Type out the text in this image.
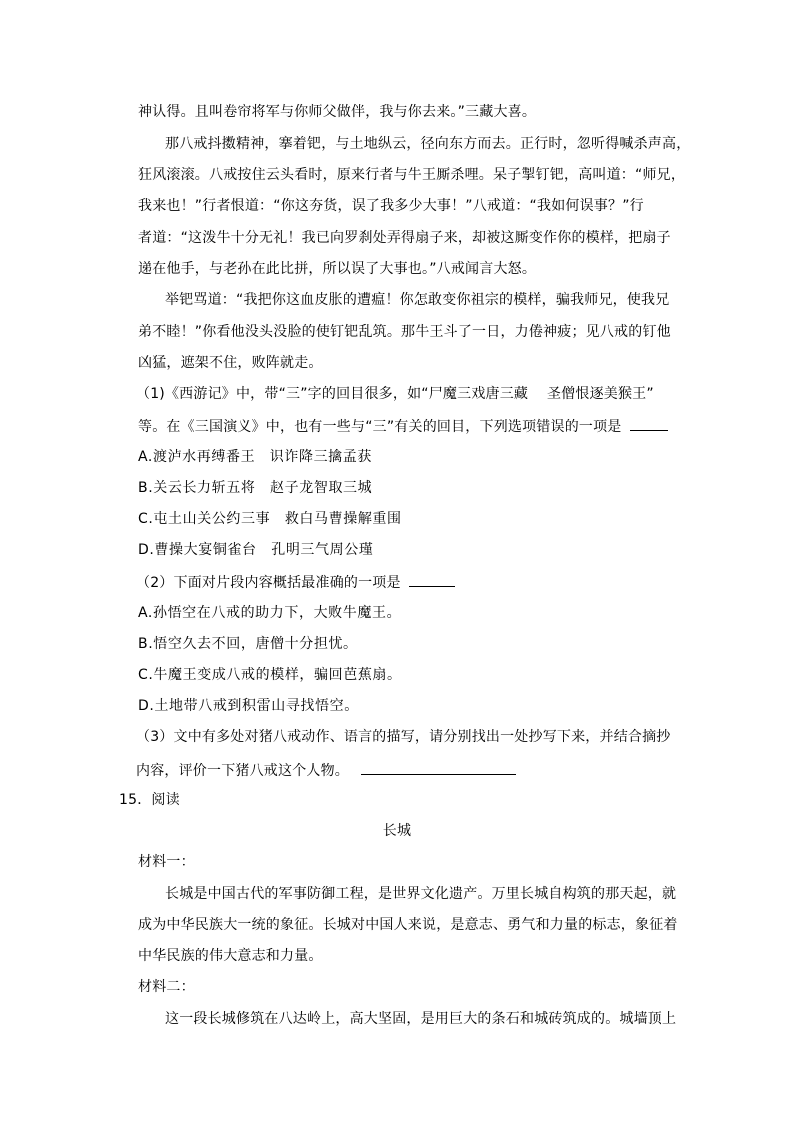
神认得。且叫卷帘将军与你师父做伴，我与你去来。”三藏大喜。
那八戒抖擞精神，搴着钯，与土地纵云，径向东方而去。正行时，忽听得喊杀声高，
狂风滚滚。八戒按住云头看时，原来行者与牛王厮杀哩。呆子掣钉钯，高叫道：“师兄，
我来也！”行者恨道：“你这夯货，误了我多少大事！”八戒道：“我如何误事？”行
者道：“这泼牛十分无礼！我已向罗刹处弄得扇子来，却被这厮变作你的模样，把扇子
递在他手，与老孙在此比拼，所以误了大事也。”八戒闻言大怒。
举钯骂道：“我把你这血皮胀的遭瘟！你怎敢变你祖宗的模样，骗我师兄，使我兄
弟不睦！”你看他没头没脸的使钉钯乱筑。那牛王斗了一日，力倦神疲；见八戒的钉他
凶猛，遮架不住，败阵就走。
（1)《西游记》中，带“三”字的回目很多，如“尸魔三戏唐三藏　 圣僧恨逐美猴王”
等。在《三国演义》中，也有一些与“三”有关的回目，下列选项错误的一项是
A.渡泸水再缚番王　识诈降三擒孟获
B.关云长力斩五将　赵子龙智取三城
C.屯土山关公约三事　救白马曹操解重围
D.曹操大宴铜雀台　孔明三气周公瑾
（2）下面对片段内容概括最准确的一项是
A.孙悟空在八戒的助力下，大败牛魔王。
B.悟空久去不回，唐僧十分担忧。
C.牛魔王变成八戒的模样，骗回芭蕉扇。
D.土地带八戒到积雷山寻找悟空。
（3）文中有多处对猪八戒动作、语言的描写，请分别找出一处抄写下来，并结合摘抄
内容，评价一下猪八戒这个人物。
15．阅读
长城
材料一：
长城是中国古代的军事防御工程，是世界文化遗产。万里长城自构筑的那天起，就
成为中华民族大一统的象征。长城对中国人来说，是意志、勇气和力量的标志，象征着
中华民族的伟大意志和力量。
材料二：
这一段长城修筑在八达岭上，高大坚固，是用巨大的条石和城砖筑成的。城墙顶上
